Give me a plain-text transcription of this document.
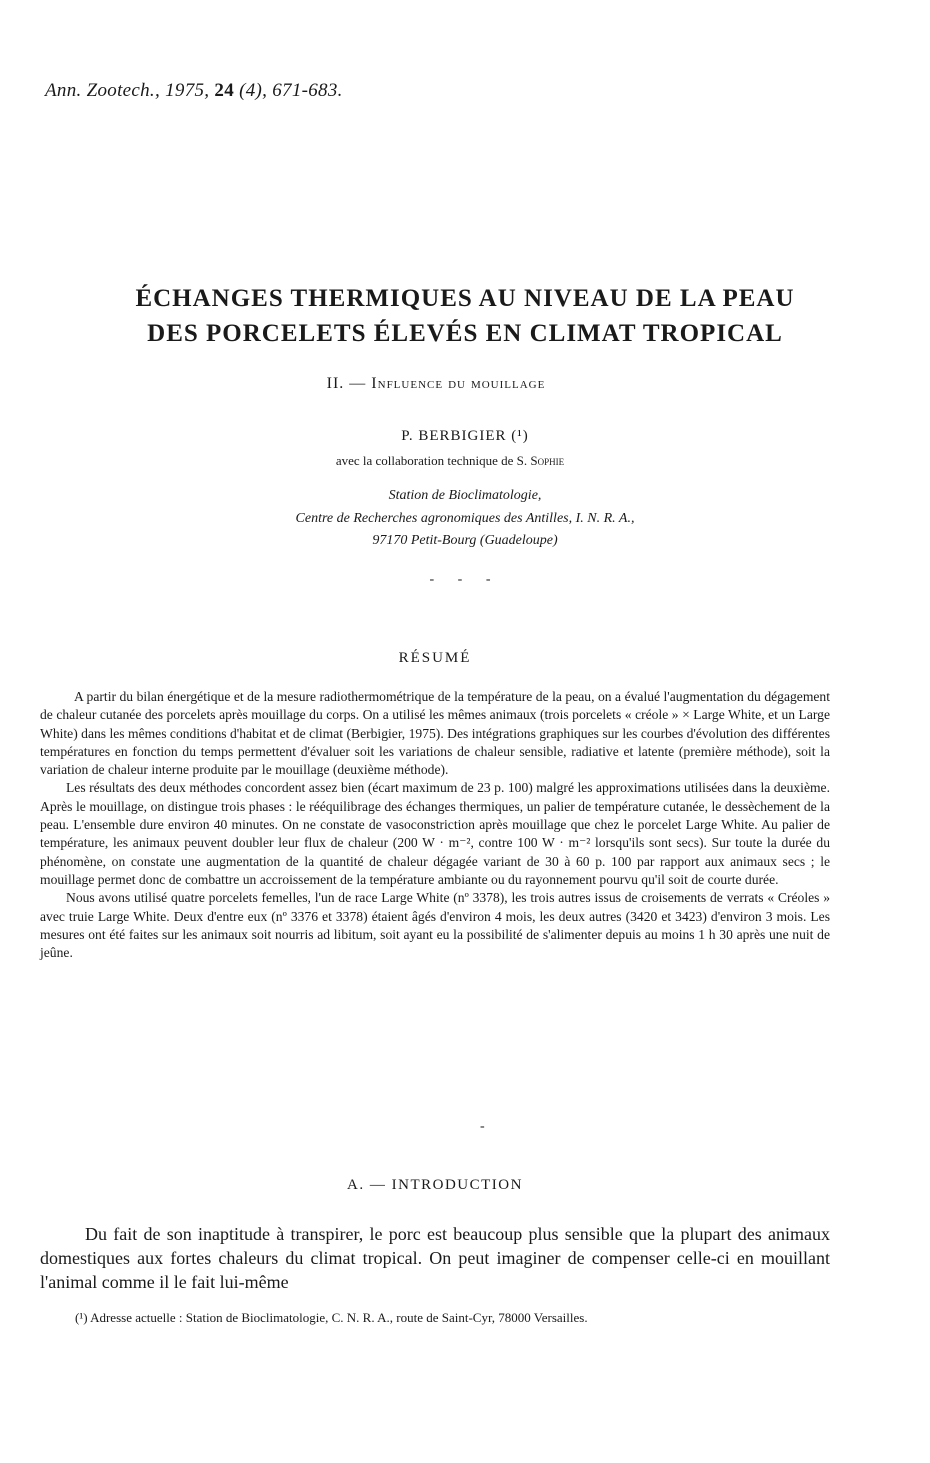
Ann. Zootech., 1975, 24 (4), 671-683.
ÉCHANGES THERMIQUES AU NIVEAU DE LA PEAU
DES PORCELETS ÉLEVÉS EN CLIMAT TROPICAL
II. — Influence du mouillage
P. BERBIGIER (¹)
avec la collaboration technique de S. Sophie
Station de Bioclimatologie,
Centre de Recherches agronomiques des Antilles, I. N. R. A.,
97170 Petit-Bourg (Guadeloupe)
- - -
RÉSUMÉ

A partir du bilan énergétique et de la mesure radiothermométrique de la température de la peau, on a évalué l'augmentation du dégagement de chaleur cutanée des porcelets après mouillage du corps. On a utilisé les mêmes animaux (trois porcelets « créole » × Large White, et un Large White) dans les mêmes conditions d'habitat et de climat (Berbigier, 1975). Des intégrations graphiques sur les courbes d'évolution des différentes températures en fonction du temps permettent d'évaluer soit les variations de chaleur sensible, radiative et latente (première méthode), soit la variation de chaleur interne produite par le mouillage (deuxième méthode).

Les résultats des deux méthodes concordent assez bien (écart maximum de 23 p. 100) malgré les approximations utilisées dans la deuxième. Après le mouillage, on distingue trois phases : le rééquilibrage des échanges thermiques, un palier de température cutanée, le dessèchement de la peau. L'ensemble dure environ 40 minutes. On ne constate de vasoconstriction après mouillage que chez le porcelet Large White. Au palier de température, les animaux peuvent doubler leur flux de chaleur (200 W · m⁻², contre 100 W · m⁻² lorsqu'ils sont secs). Sur toute la durée du phénomène, on constate une augmentation de la quantité de chaleur dégagée variant de 30 à 60 p. 100 par rapport aux animaux secs ; le mouillage permet donc de combattre un accroissement de la température ambiante ou du rayonnement pourvu qu'il soit de courte durée.

Nous avons utilisé quatre porcelets femelles, l'un de race Large White (nº 3378), les trois autres issus de croisements de verrats « Créoles » avec truie Large White. Deux d'entre eux (nº 3376 et 3378) étaient âgés d'environ 4 mois, les deux autres (3420 et 3423) d'environ 3 mois. Les mesures ont été faites sur les animaux soit nourris ad libitum, soit ayant eu la possibilité de s'alimenter depuis au moins 1 h 30 après une nuit de jeûne.

-
A. — INTRODUCTION

Du fait de son inaptitude à transpirer, le porc est beaucoup plus sensible que la plupart des animaux domestiques aux fortes chaleurs du climat tropical. On peut imaginer de compenser celle-ci en mouillant l'animal comme il le fait lui-même

(¹) Adresse actuelle : Station de Bioclimatologie, C. N. R. A., route de Saint-Cyr, 78000 Versailles.
